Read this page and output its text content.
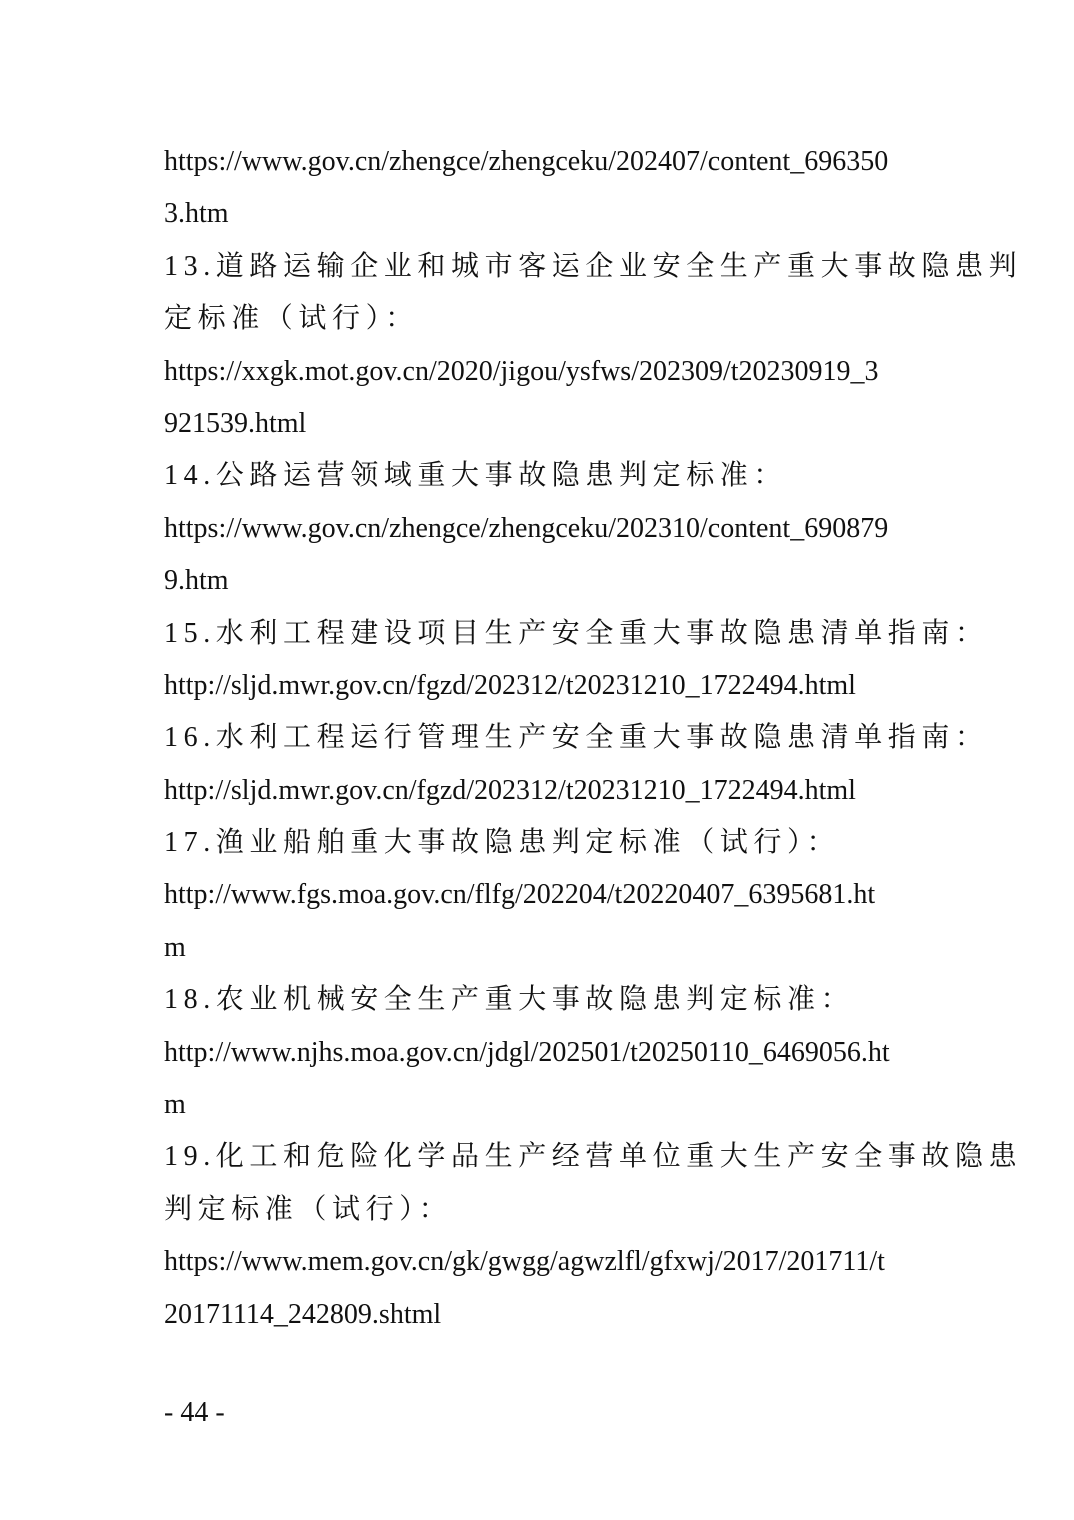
https://www.gov.cn/zhengce/zhengceku/202407/content_696350
3.htm
13.道路运输企业和城市客运企业安全生产重大事故隐患判
定标准（试行）：
https://xxgk.mot.gov.cn/2020/jigou/ysfws/202309/t20230919_3
921539.html
14.公路运营领域重大事故隐患判定标准：
https://www.gov.cn/zhengce/zhengceku/202310/content_690879
9.htm
15.水利工程建设项目生产安全重大事故隐患清单指南：
http://sljd.mwr.gov.cn/fgzd/202312/t20231210_1722494.html
16.水利工程运行管理生产安全重大事故隐患清单指南：
http://sljd.mwr.gov.cn/fgzd/202312/t20231210_1722494.html
17.渔业船舶重大事故隐患判定标准（试行）：
http://www.fgs.moa.gov.cn/flfg/202204/t20220407_6395681.ht
m
18.农业机械安全生产重大事故隐患判定标准：
http://www.njhs.moa.gov.cn/jdgl/202501/t20250110_6469056.ht
m
19.化工和危险化学品生产经营单位重大生产安全事故隐患
判定标准（试行）：
https://www.mem.gov.cn/gk/gwgg/agwzlfl/gfxwj/2017/201711/t
20171114_242809.shtml
- 44 -
